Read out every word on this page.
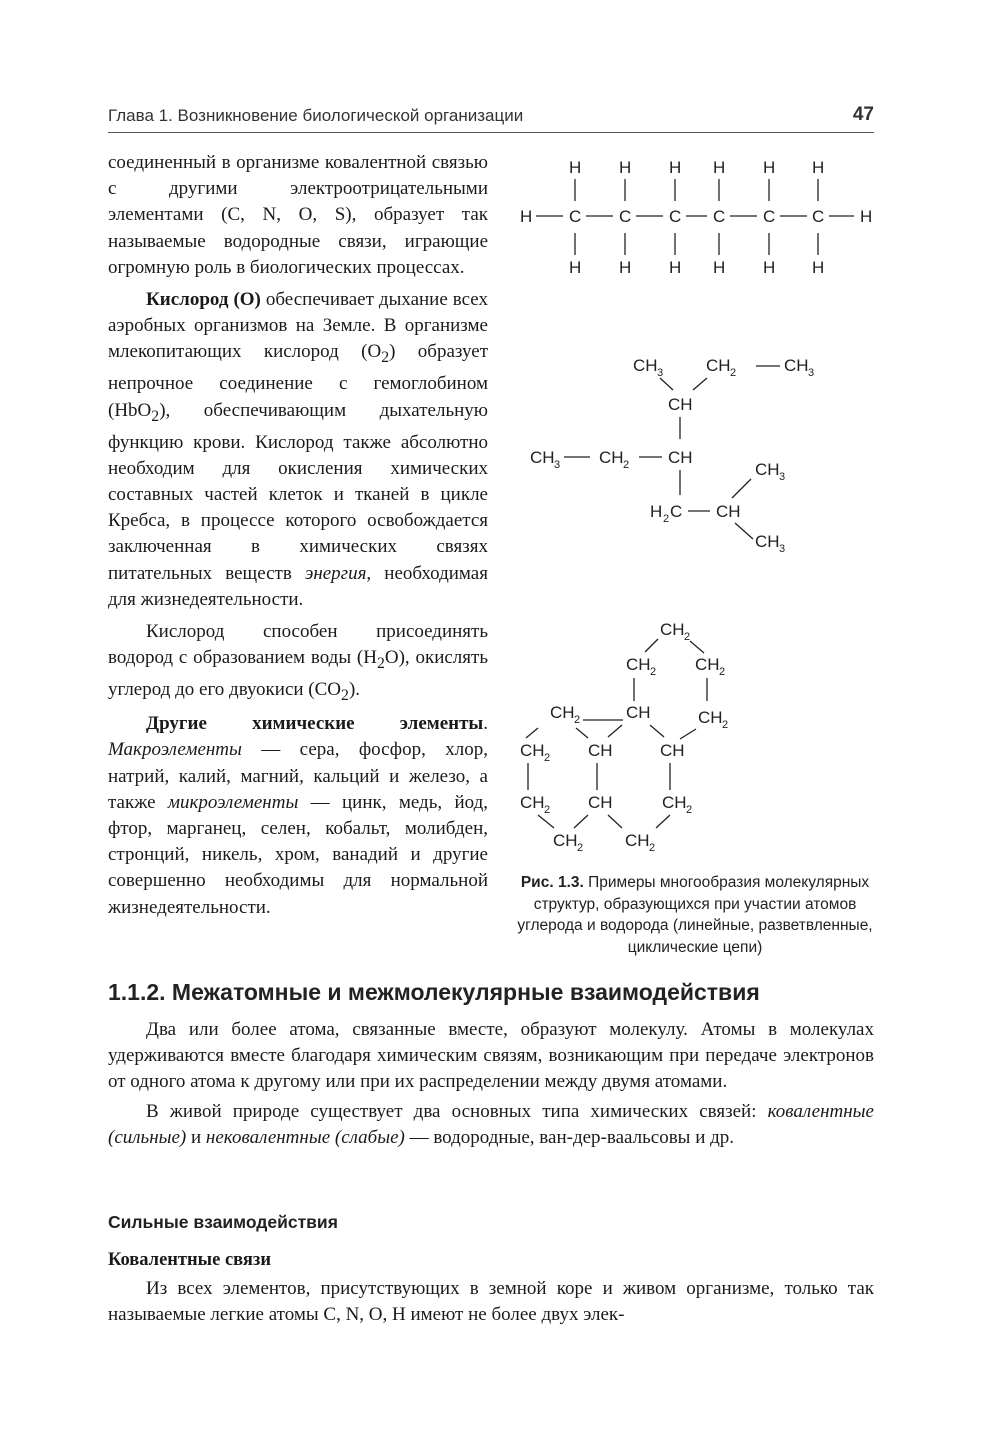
Глава 1. Возникновение биологической организации	47

соединенный в организме ковалентной связью с другими электроотрицательными элементами (C, N, O, S), образует так называемые водородные связи, играющие огромную роль в биологических процессах.

Кислород (O) обеспечивает дыхание всех аэробных организмов на Земле. В организме млекопитающих кислород $(O_2)$ образует непрочное соединение с гемоглобином (HbO$_2$), обеспечивающим дыхательную функцию крови. Кислород также абсолютно необходим для окисления химических составных частей клеток и тканей в цикле Кребса, в процессе которого освобождается заключенная в химических связях питательных веществ энергия, необходимая для жизнедеятельности.

Кислород способен присоединять водород с образованием воды $(H_2O)$, окислять углерод до его двуокиси $(CO_2)$.

Другие химические элементы. Макроэлементы — сера, фосфор, хлор, натрий, калий, магний, кальций и железо, а также микроэлементы — цинк, медь, йод, фтор, марганец, селен, кобальт, молибден, стронций, никель, хром, ванадий и другие совершенно необходимы для нормальной жизнедеятельности.

H H H H H H
H C C C C C C H
H H H H H H
CH 3	CH 2	CH 3
CH
CH 3 CH 2 CH
CH 3
H 2 C CH
CH 3
CH 2
CH 2 CH 2
CH 2	CH	CH 2
CH 2 CH	CH
CH 2 CH	CH 2
CH 2 CH 2
Рис. 1.3. Примеры многообразия молекулярных структур, образующихся при участии атомов углерода и водорода (линейные, разветвленные, циклические цепи)
1.1.2. Межатомные и межмолекулярные взаимодействия

Два или более атома, связанные вместе, образуют молекулу. Атомы в молекулах удерживаются вместе благодаря химическим связям, возникающим при передаче электронов от одного атома к другому или при их распределении между двумя атомами.

В живой природе существует два основных типа химических связей: ковалентные (сильные) и нековалентные (слабые) — водородные, ван-дер-ваальсовы и др.

Сильные взаимодействия
Ковалентные связи

Из всех элементов, присутствующих в земной коре и живом организме, только так называемые легкие атомы C, N, O, H имеют не более двух элек-
